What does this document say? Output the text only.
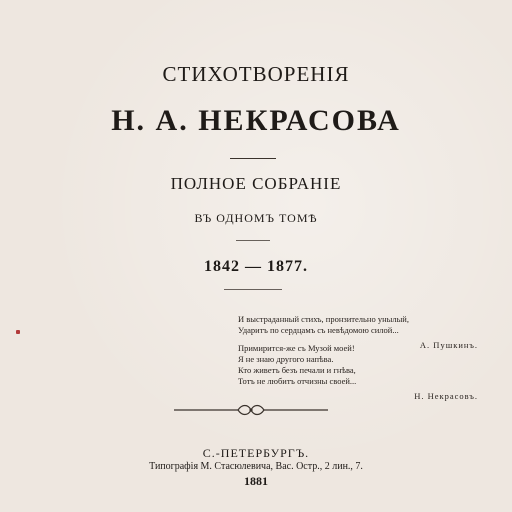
СТИХОТВОРЕНІЯ
Н. А. НЕКРАСОВА
ПОЛНОЕ СОБРАНІЕ
ВЪ ОДНОМЪ ТОМѢ
1842 — 1877.
И выстраданный стихъ, пронзительно унылый,
Ударитъ по сердцамъ съ невѣдомою силой...
А. Пушкинъ.
Примирится-же съ Музой моей!
Я не знаю другого напѣва.
Кто живетъ безъ печали и гнѣва,
Тотъ не любитъ отчизны своей...
Н. Некрасовъ.
С.-ПЕТЕРБУРГЪ.
Типографія М. Стасюлевича, Вас. Остр., 2 лин., 7.
1881
